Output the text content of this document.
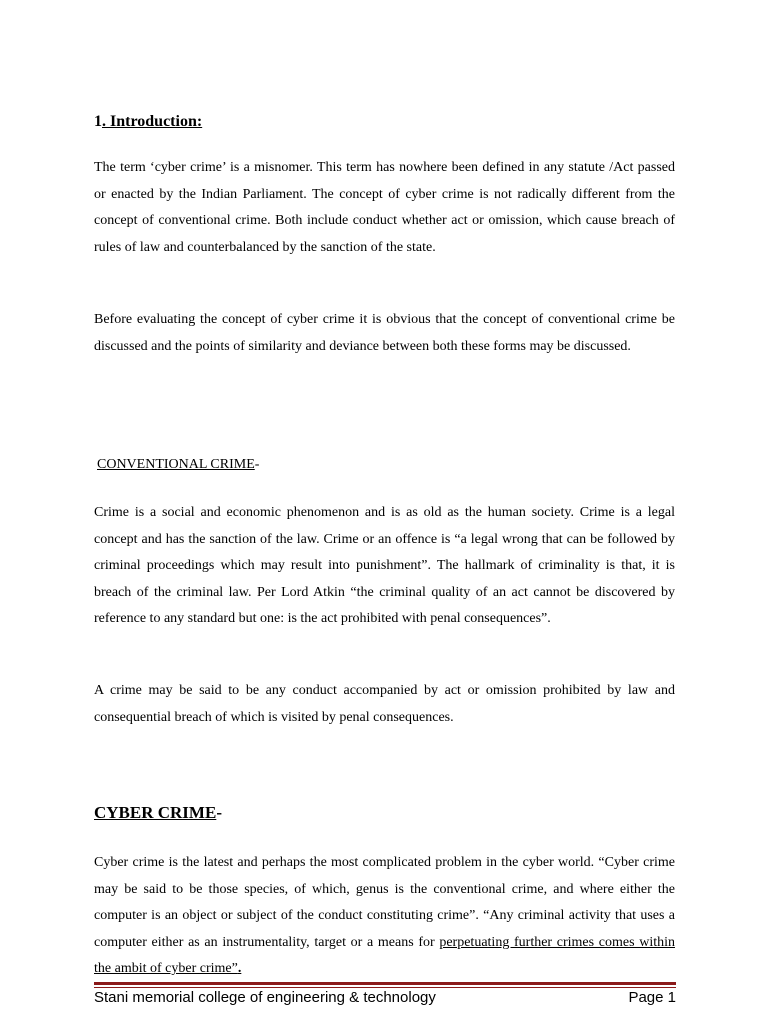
1. Introduction:

The term ‘cyber crime’ is a misnomer. This term has nowhere been defined in any statute /Act passed or enacted by the Indian Parliament. The concept of cyber crime is not radically different from the concept of conventional crime. Both include conduct whether act or omission, which cause breach of rules of law and counterbalanced by the sanction of the state.

Before evaluating the concept of cyber crime it is obvious that the concept of conventional crime be discussed and the points of similarity and deviance between both these forms may be discussed.

CONVENTIONAL CRIME-

Crime is a social and economic phenomenon and is as old as the human society. Crime is a legal concept and has the sanction of the law. Crime or an offence is “a legal wrong that can be followed by criminal proceedings which may result into punishment”. The hallmark of criminality is that, it is breach of the criminal law. Per Lord Atkin “the criminal quality of an act cannot be discovered by reference to any standard but one: is the act prohibited with penal consequences”.

A crime may be said to be any conduct accompanied by act or omission prohibited by law and consequential breach of which is visited by penal consequences.

CYBER CRIME-

Cyber crime is the latest and perhaps the most complicated problem in the cyber world. “Cyber crime may be said to be those species, of which, genus is the conventional crime, and where either the computer is an object or subject of the conduct constituting crime”. “Any criminal activity that uses a computer either as an instrumentality, target or a means for perpetuating further crimes comes within the ambit of cyber crime”.

Stani memorial college of engineering & technology	Page 1
